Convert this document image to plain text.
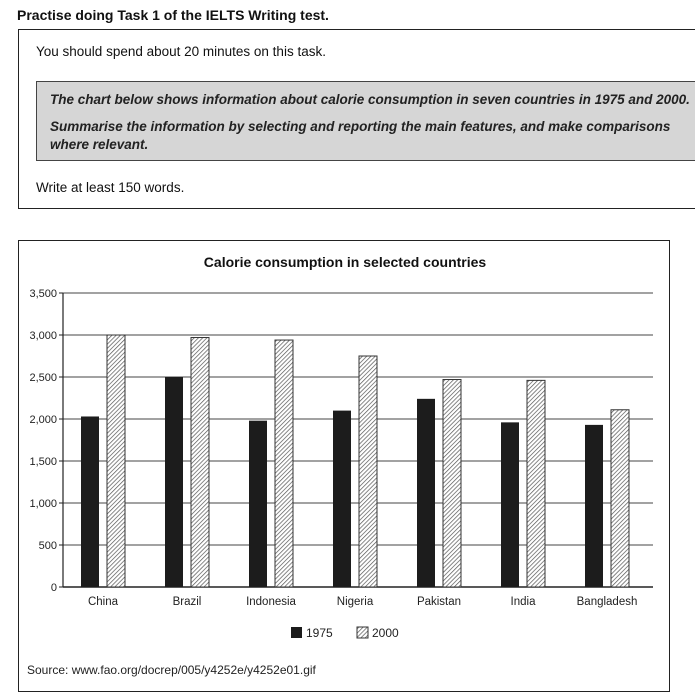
Practise doing Task 1 of the IELTS Writing test.
You should spend about 20 minutes on this task.
The chart below shows information about calorie consumption in seven countries in 1975 and 2000.
Summarise the information by selecting and reporting the main features, and make comparisons where relevant.
Write at least 150 words.
Calorie consumption in selected countries
0
500
1,000
1,500
2,000
2,500
3,000
3,500
China	Brazil	Indonesia	Nigeria	Pakistan	India	Bangladesh
1975	2000
Source: www.fao.org/docrep/005/y4252e/y4252e01.gif
